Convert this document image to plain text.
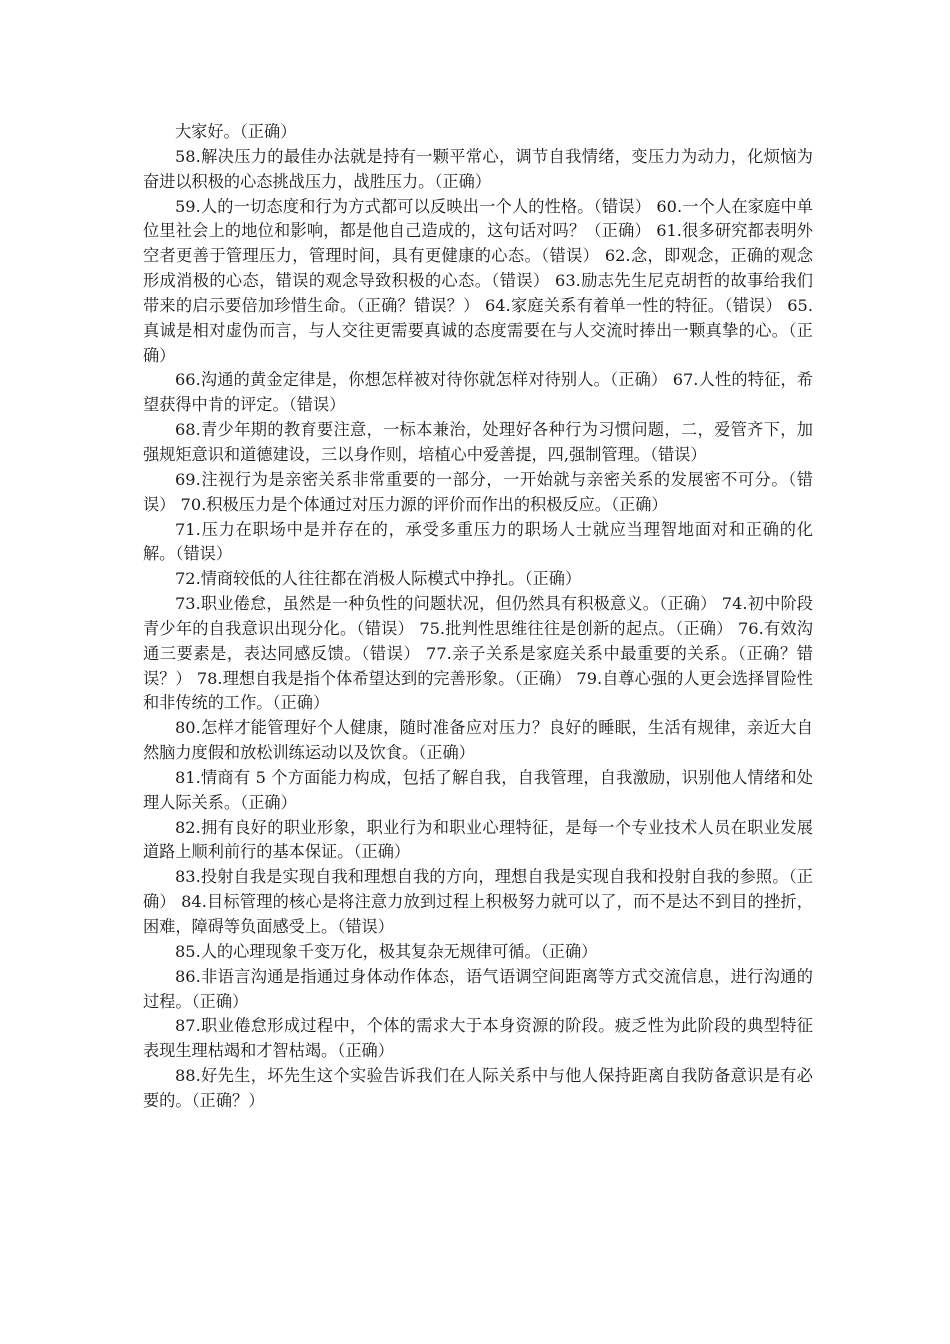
大家好。（正确）

58.解决压力的最佳办法就是持有一颗平常心，调节自我情绪，变压力为动力，化烦恼为奋进以积极的心态挑战压力，战胜压力。（正确）

59.人的一切态度和行为方式都可以反映出一个人的性格。（错误） 60.一个人在家庭中单位里社会上的地位和影响，都是他自己造成的，这句话对吗？（正确） 61.很多研究都表明外空者更善于管理压力，管理时间，具有更健康的心态。（错误） 62.念，即观念，正确的观念形成消极的心态，错误的观念导致积极的心态。（错误） 63.励志先生尼克胡哲的故事给我们带来的启示要倍加珍惜生命。（正确？错误？） 64.家庭关系有着单一性的特征。（错误） 65.真诚是相对虚伪而言，与人交往更需要真诚的态度需要在与人交流时捧出一颗真挚的心。（正确）

66.沟通的黄金定律是，你想怎样被对待你就怎样对待别人。（正确） 67.人性的特征，希望获得中肯的评定。（错误）

68.青少年期的教育要注意，一标本兼治，处理好各种行为习惯问题，二，爱管齐下，加强规矩意识和道德建设，三以身作则，培植心中爱善提，四,强制管理。（错误）

69.注视行为是亲密关系非常重要的一部分，一开始就与亲密关系的发展密不可分。（错误） 70.积极压力是个体通过对压力源的评价而作出的积极反应。（正确）

71.压力在职场中是并存在的，承受多重压力的职场人士就应当理智地面对和正确的化解。（错误）

72.情商较低的人往往都在消极人际模式中挣扎。（正确）

73.职业倦怠，虽然是一种负性的问题状况，但仍然具有积极意义。（正确） 74.初中阶段青少年的自我意识出现分化。（错误） 75.批判性思维往往是创新的起点。（正确） 76.有效沟通三要素是，表达同感反馈。（错误） 77.亲子关系是家庭关系中最重要的关系。（正确？错误？） 78.理想自我是指个体希望达到的完善形象。（正确） 79.自尊心强的人更会选择冒险性和非传统的工作。（正确）

80.怎样才能管理好个人健康，随时准备应对压力？良好的睡眠，生活有规律，亲近大自然脑力度假和放松训练运动以及饮食。（正确）

81.情商有 5 个方面能力构成，包括了解自我，自我管理，自我激励，识别他人情绪和处理人际关系。（正确）

82.拥有良好的职业形象，职业行为和职业心理特征，是每一个专业技术人员在职业发展道路上顺利前行的基本保证。（正确）

83.投射自我是实现自我和理想自我的方向，理想自我是实现自我和投射自我的参照。（正确） 84.目标管理的核心是将注意力放到过程上积极努力就可以了，而不是达不到目的挫折，困难，障碍等负面感受上。（错误）

85.人的心理现象千变万化，极其复杂无规律可循。（正确）

86.非语言沟通是指通过身体动作体态，语气语调空间距离等方式交流信息，进行沟通的过程。（正确）

87.职业倦怠形成过程中，个体的需求大于本身资源的阶段。疲乏性为此阶段的典型特征表现生理枯竭和才智枯竭。（正确）

88.好先生，坏先生这个实验告诉我们在人际关系中与他人保持距离自我防备意识是有必要的。（正确？）
